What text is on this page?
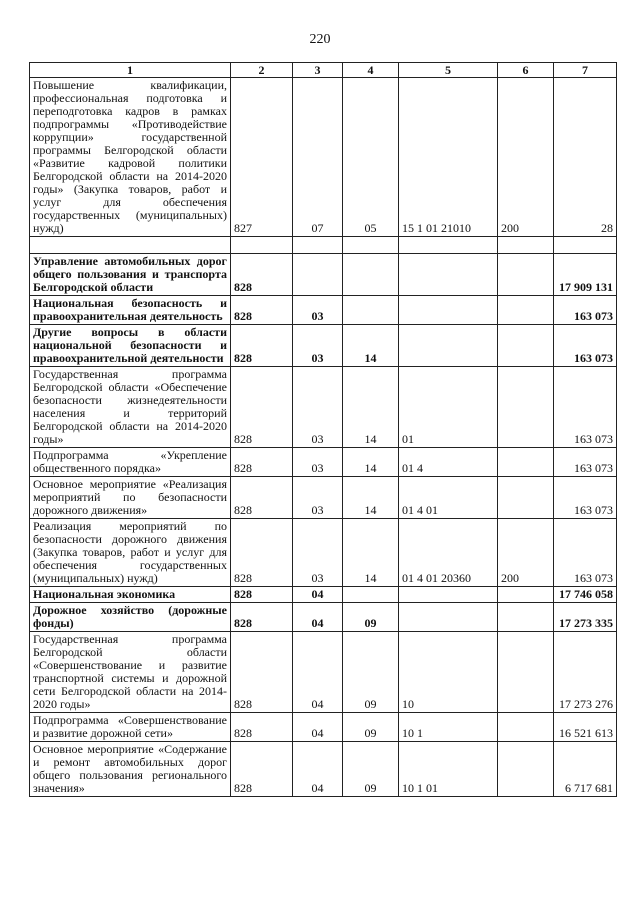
220
1	2	3	4	5	6	7
Повышение квалификации, профессиональная подготовка и переподготовка кадров в рамках подпрограммы «Противодействие коррупции» государственной программы Белгородской области «Развитие кадровой политики Белгородской области на 2014-2020 годы» (Закупка товаров, работ и услуг для обеспечения государственных (муниципальных) нужд)	827	07	05	15 1 01 21010	200	28

Управление автомобильных дорог общего пользования и транспорта Белгородской области	828					17 909 131
Национальная безопасность и правоохранительная деятельность	828	03				163 073
Другие вопросы в области национальной безопасности и правоохранительной деятельности	828	03	14			163 073
Государственная программа Белгородской области «Обеспечение безопасности жизнедеятельности населения и территорий Белгородской области на 2014-2020 годы»	828	03	14	01		163 073
Подпрограмма «Укрепление общественного порядка»	828	03	14	01 4		163 073
Основное мероприятие «Реализация мероприятий по безопасности дорожного движения»	828	03	14	01 4 01		163 073
Реализация мероприятий по безопасности дорожного движения (Закупка товаров, работ и услуг для обеспечения государственных (муниципальных) нужд)	828	03	14	01 4 01 20360	200	163 073
Национальная экономика	828	04				17 746 058
Дорожное хозяйство (дорожные фонды)	828	04	09			17 273 335
Государственная программа Белгородской области «Совершенствование и развитие транспортной системы и дорожной сети Белгородской области на 2014-2020 годы»	828	04	09	10		17 273 276
Подпрограмма «Совершенствование и развитие дорожной сети»	828	04	09	10 1		16 521 613
Основное мероприятие «Содержание и ремонт автомобильных дорог общего пользования регионального значения»	828	04	09	10 1 01		6 717 681
